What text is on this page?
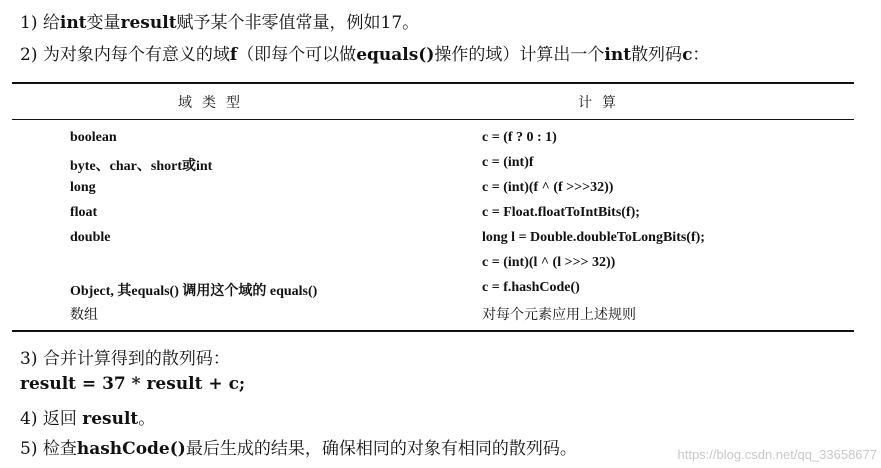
1) 给int变量result赋予某个非零值常量，例如17。
2) 为对象内每个有意义的域f（即每个可以做equals()操作的域）计算出一个int散列码c：
域类型	计算
boolean	c = (f ? 0 : 1)
byte、char、short或int	c = (int)f
long	c = (int)(f ^ (f >>>32))
float	c = Float.floatToIntBits(f);
double	long l = Double.doubleToLongBits(f);
c = (int)(l ^ (l >>> 32))
Object, 其equals() 调用这个域的 equals()	c = f.hashCode()
数组	对每个元素应用上述规则
3) 合并计算得到的散列码：
result = 37 * result + c;
4) 返回 result。
5) 检查hashCode()最后生成的结果，确保相同的对象有相同的散列码。	https://blog.csdn.net/qq_33658677
